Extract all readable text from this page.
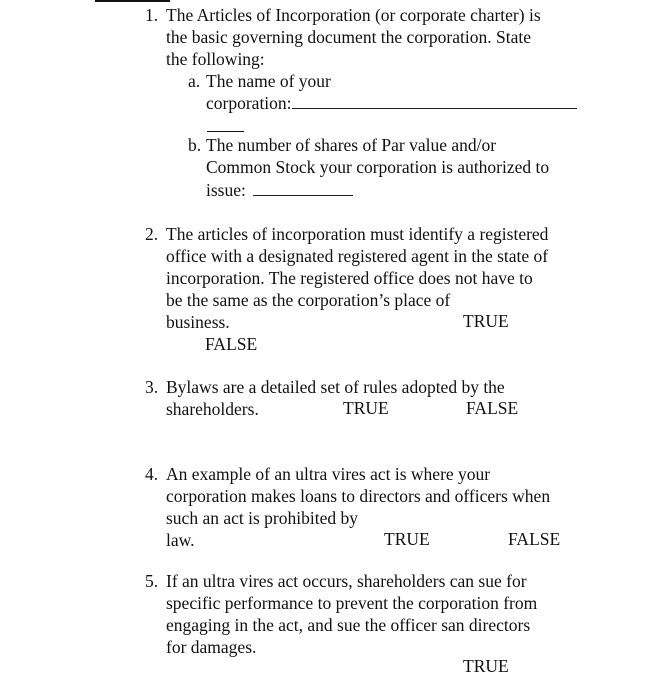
1. The Articles of Incorporation (or corporate charter) is
the basic governing document the corporation. State
the following:
a. The name of your
corporation:
b. The number of shares of Par value and/or
Common Stock your corporation is authorized to
issue:
2. The articles of incorporation must identify a registered
office with a designated registered agent in the state of
incorporation. The registered office does not have to
be the same as the corporation’s place of
business.	TRUE
FALSE
3. Bylaws are a detailed set of rules adopted by the
shareholders.	TRUE	FALSE
4. An example of an ultra vires act is where your
corporation makes loans to directors and officers when
such an act is prohibited by
law.	TRUE	FALSE
5. If an ultra vires act occurs, shareholders can sue for
specific performance to prevent the corporation from
engaging in the act, and sue the officer san directors
for damages.
TRUE
